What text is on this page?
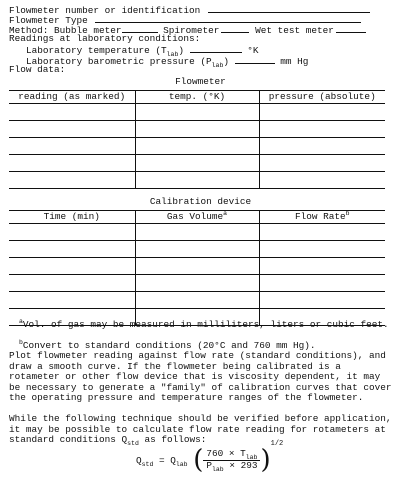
Flowmeter number or identification
Flowmeter Type
Method: Bubble meter	Spirometer	Wet test meter
Readings at laboratory conditions:
Laboratory temperature $(T_{lab})$	°K
Laboratory barometric pressure $(P_{lab})$	mm Hg
Flow data:
Flowmeter
reading (as marked)	temp. (°K)	pressure (absolute)

Calibration device
Time (min)	Gas Volume$^a$	Flow Rate$^b$

$^a$Vol. of gas may be measured in milliliters, liters or cubic feet.
$^b$Convert to standard conditions (20°C and 760 mm Hg).
Plot flowmeter reading against flow rate (standard conditions), and draw a smooth curve. If the flowmeter being calibrated is a rotameter or other flow device that is viscosity dependent, it may be necessary to generate a "family" of calibration curves that cover the operating pressure and temperature ranges of the flowmeter.
While the following technique should be verified before application, it may be possible to calculate flow rate reading for rotameters at standard conditions $Q_{std}$ as follows:
$Q_{std} = Q_{lab}$ ( $\frac{760 \times T_{lab}}{P_{lab} \times 293} )^{1/2}$
